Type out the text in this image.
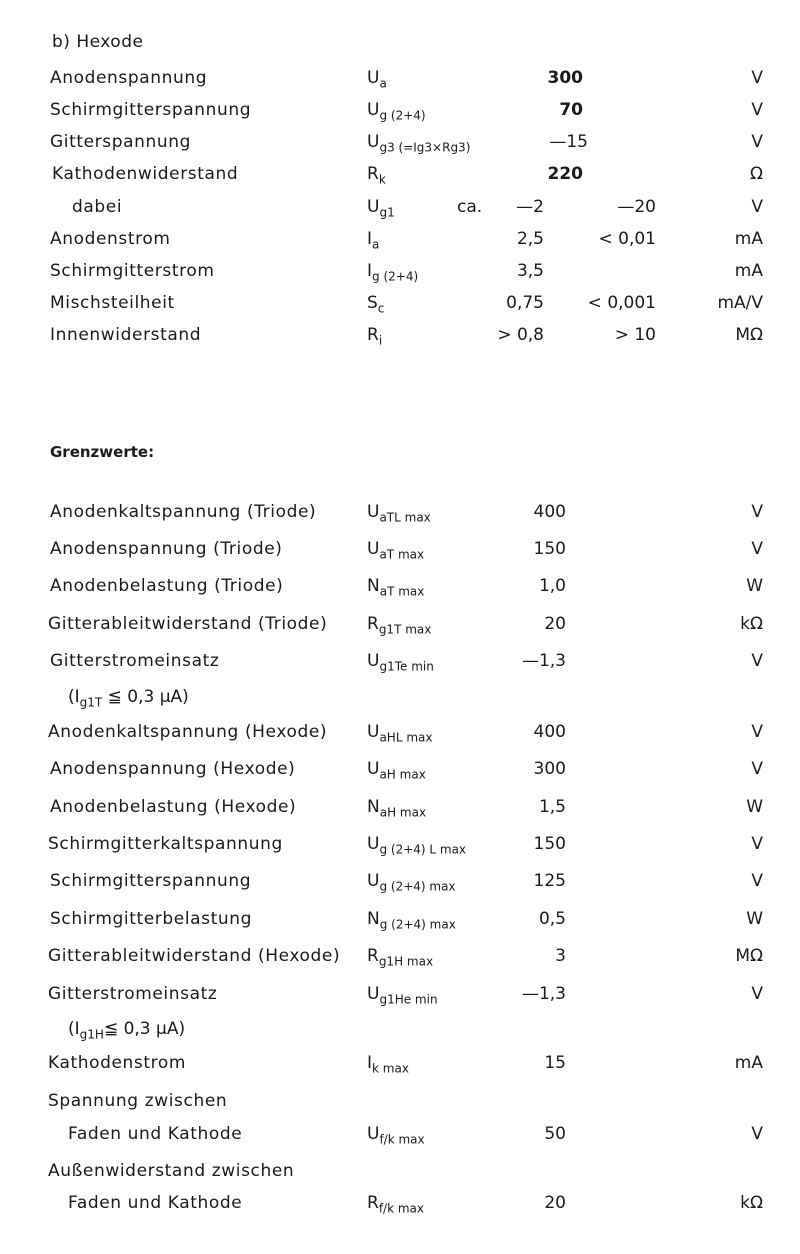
b) Hexode
Anodenspannung	$U_a$	300	V
Schirmgitterspannung	$U_{g (2+4)}$	70	V
Gitterspannung	$U_{g3 (=Ig3\times Rg3)}$	—15	V
Kathodenwiderstand	$R_k$	220	Ω
dabei	$U_{g1}$	ca. —2	—20	V
Anodenstrom	$I_a$	2,5	< 0,01	mA
Schirmgitterstrom	$I_{g (2+4)}$	3,5	mA
Mischsteilheit	$S_c$	0,75	< 0,001	mA/V
Innenwiderstand	$R_i$	> 0,8	> 10	MΩ
Grenzwerte:
Anodenkaltspannung (Triode)	$U_{aTL max}$	400	V
Anodenspannung (Triode)	$U_{aT max}$	150	V
Anodenbelastung (Triode)	$N_{aT max}$	1,0	W
Gitterableitwiderstand (Triode) $R_{g1T max}$	20	kΩ
Gitterstromeinsatz	$U_{g1Te min}$	—1,3	V
Anodenkaltspannung (Hexode) $U_{aHL max}$	400	V
Anodenspannung (Hexode)	$U_{aH max}$	300	V
Anodenbelastung (Hexode)	$N_{aH max}$	1,5	W
Schirmgitterkaltspannung	$U_{g (2+4) L max}$	150	V
Schirmgitterspannung	$U_{g (2+4) max}$	125	V
Schirmgitterbelastung	$N_{g (2+4) max}$	0,5	W
Gitterableitwiderstand (Hexode) $R_{g1H max}$	3	MΩ
Gitterstromeinsatz	$U_{g1He min}$	—1,3	V
Kathodenstrom	$I_{k max}$	15	mA
Spannung zwischen
Faden und Kathode	$U_{f/k max}$	50	V
Außenwiderstand zwischen
Faden und Kathode	$R_{f/k max}$	20	kΩ
($I_{g1T}$ ≦ 0,3 μA)
($I_{g1H}≦$ 0,3 μA)
